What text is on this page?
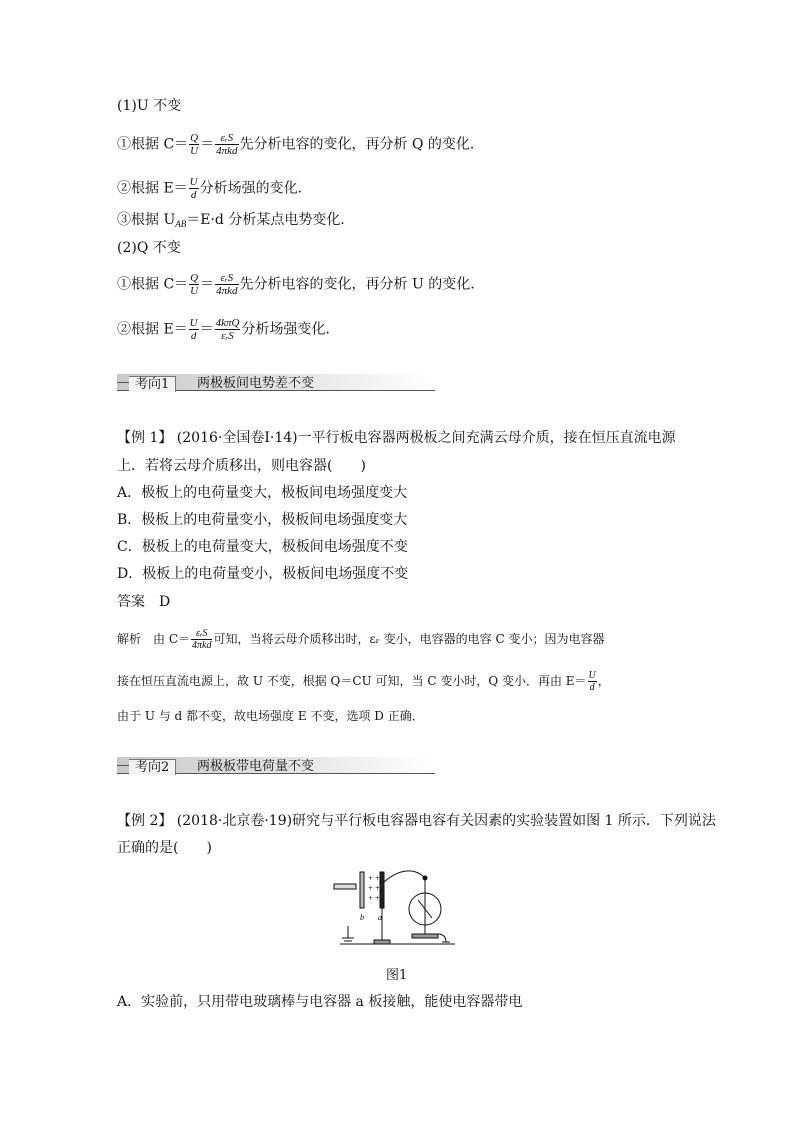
(1)U 不变
①根据 $C= \frac{Q}{U} = \frac{\text{εᵣS}}{\text{4πkd}}$ 先分析电容的变化，再分析 Q 的变化．
②根据 $E= \frac{U}{d}$ 分析场强的变化．
③根据 $U_{AB}=E\cdot d$ 分析某点电势变化．
(2)Q 不变
①根据 $C= \frac{Q}{U} = \frac{\text{εᵣS}}{\text{4πkd}}$ 先分析电容的变化，再分析 U 的变化．
②根据 $E= \frac{U}{d} = \frac{\text{4kπQ}}{\text{εᵣS}}$ 分析场强变化．
考向1	两极板间电势差不变
【例 1】 (2016·全国卷Ⅰ·14)一平行板电容器两极板之间充满云母介质，接在恒压直流电源
上．若将云母介质移出，则电容器(　　)
A．极板上的电荷量变大，极板间电场强度变大
B．极板上的电荷量变小，极板间电场强度变大
C．极板上的电荷量变大，极板间电场强度不变
D．极板上的电荷量变小，极板间电场强度不变
答案　D
解析　由 $C= \frac{\text{εᵣS}}{\text{4πkd}}$ 可知，当将云母介质移出时，εᵣ 变小，电容器的电容 C 变小；因为电容器
接在恒压直流电源上，故 U 不变，根据 Q＝CU 可知，当 C 变小时，Q 变小．再由 $E= \frac{U}{d}$ ，
由于 U 与 d 都不变，故电场强度 E 不变，选项 D 正确．
考向2	两极板带电荷量不变
【例 2】 (2018·北京卷·19)研究与平行板电容器电容有关因素的实验装置如图 1 所示．下列说法
正确的是(　　)
+ +
+ +
+ +
b a
图1
A．实验前，只用带电玻璃棒与电容器 a 板接触，能使电容器带电
